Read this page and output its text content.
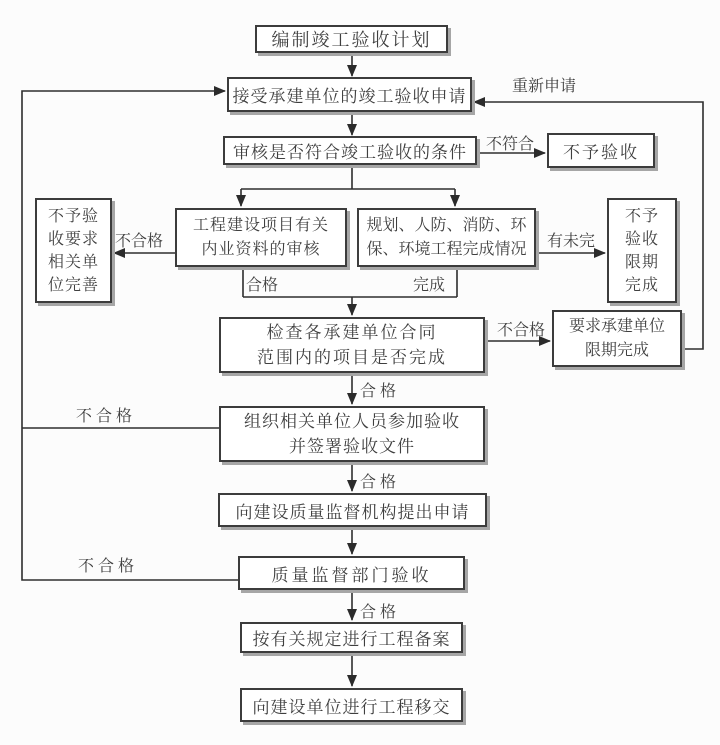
编制竣工验收计划
接受承建单位的竣工验收申请
审核是否符合竣工验收的条件
工程建设项目有关
内业资料的审核
规划、人防、消防、环
保、环境工程完成情况
不予验
收要求
相关单
位完善
不予
验收
限期
完成
不予验收
检查各承建单位合同
范围内的项目是否完成
要求承建单位
限期完成
组织相关单位人员参加验收
并签署验收文件
向建设质量监督机构提出申请
质量监督部门验收
按有关规定进行工程备案
向建设单位进行工程移交
重新申请
不符合
不合格	有未完
合格	完成
不合格
合 格
不 合 格
合 格
不 合 格
合 格
